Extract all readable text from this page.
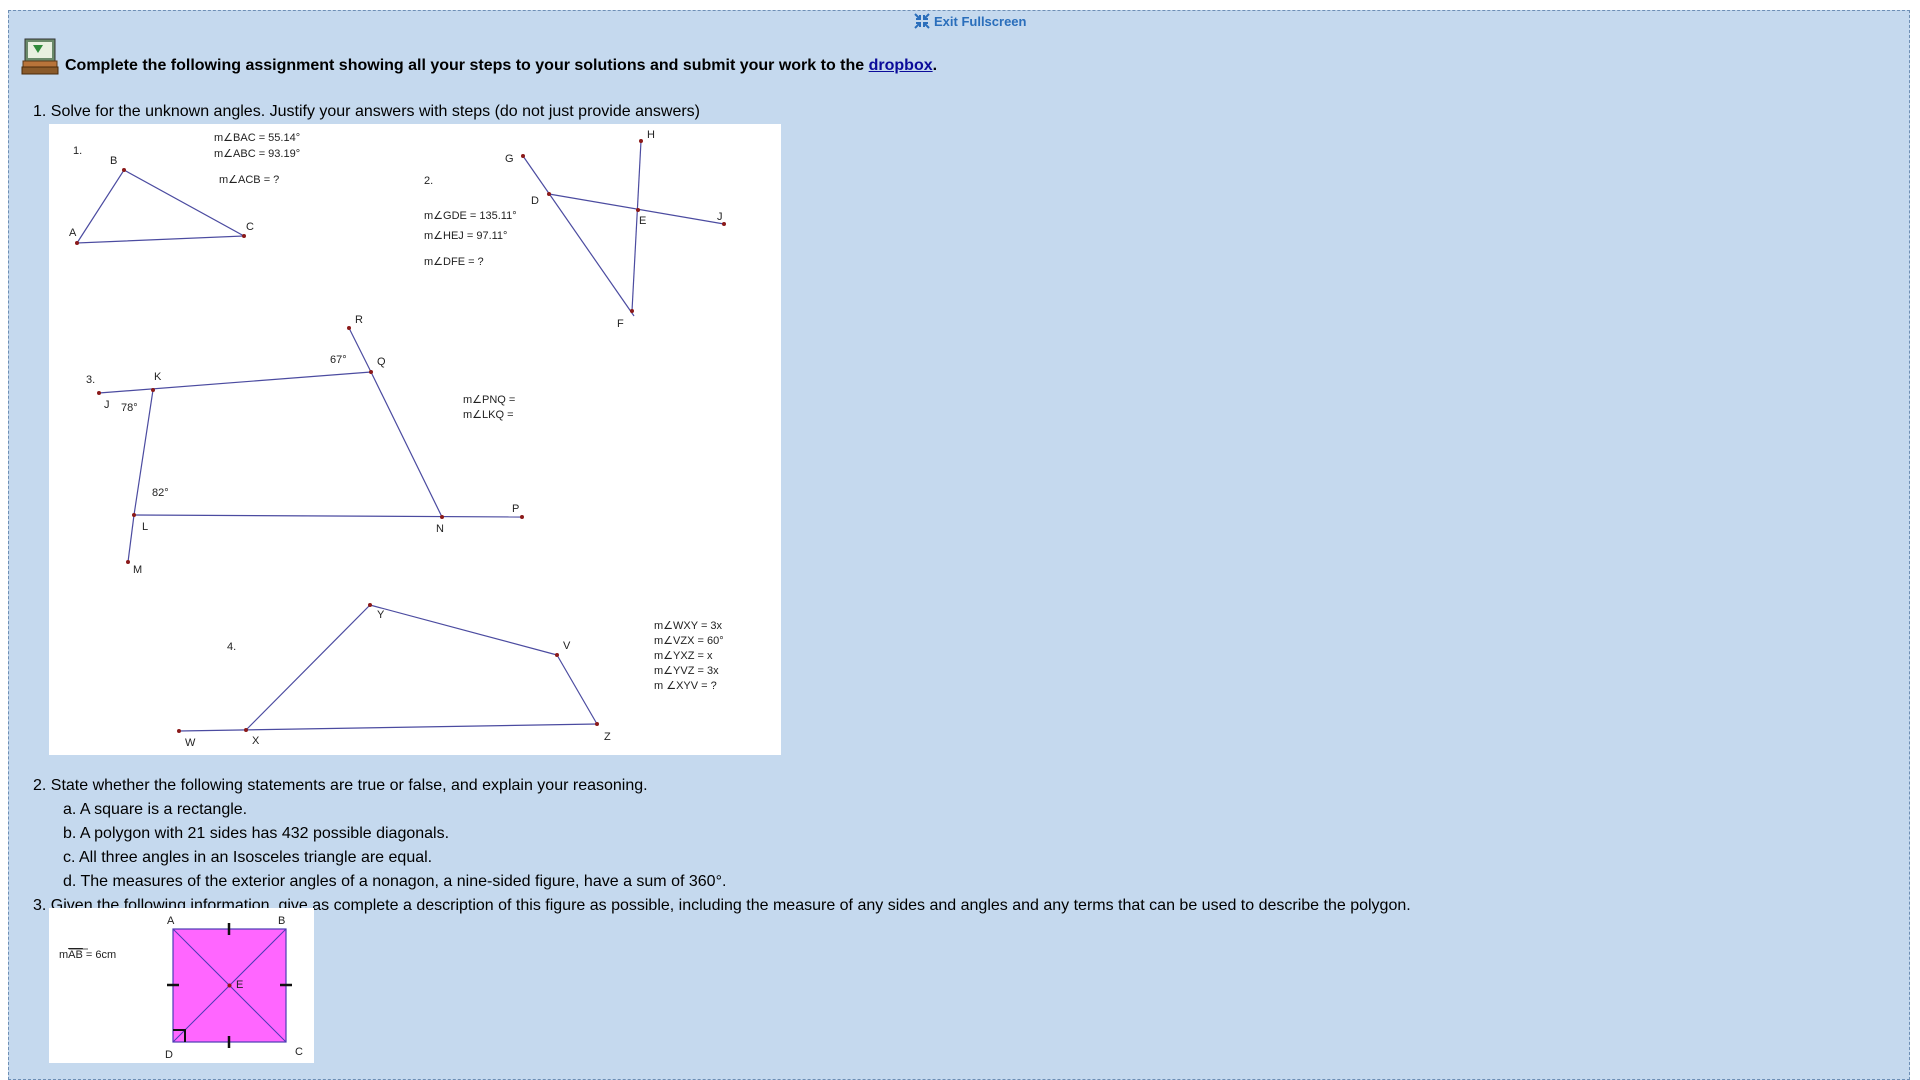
Exit Fullscreen
Complete the following assignment showing all your steps to your solutions and submit your work to the dropbox.
1. Solve for the unknown angles. Justify your answers with steps (do not just provide answers)
1.
m∠BAC = 55.14°
m∠ABC = 93.19°
m∠ACB = ?
A
B
C
2.
m∠GDE = 135.11°
m∠HEJ = 97.11°
m∠DFE = ?
G
H
D
E	J
F
3.
R
Q
67°
K
J 78°
82°
L	N
P
M
m∠PNQ =
m∠LKQ =
4.
Y
V
W	X	Z
m∠WXY = 3x
m∠VZX = 60°
m∠YXZ = x
m∠YVZ = 3x
m ∠XYV = ?
2. State whether the following statements are true or false, and explain your reasoning.
a. A square is a rectangle.
b. A polygon with 21 sides has 432 possible diagonals.
c. All three angles in an Isosceles triangle are equal.
d. The measures of the exterior angles of a nonagon, a nine-sided figure, have a sum of 360°.
3. Given the following information, give as complete a description of this figure as possible, including the measure of any sides and angles and any terms that can be used to describe the polygon.
A	B
C
D
E
mAB = 6cm
